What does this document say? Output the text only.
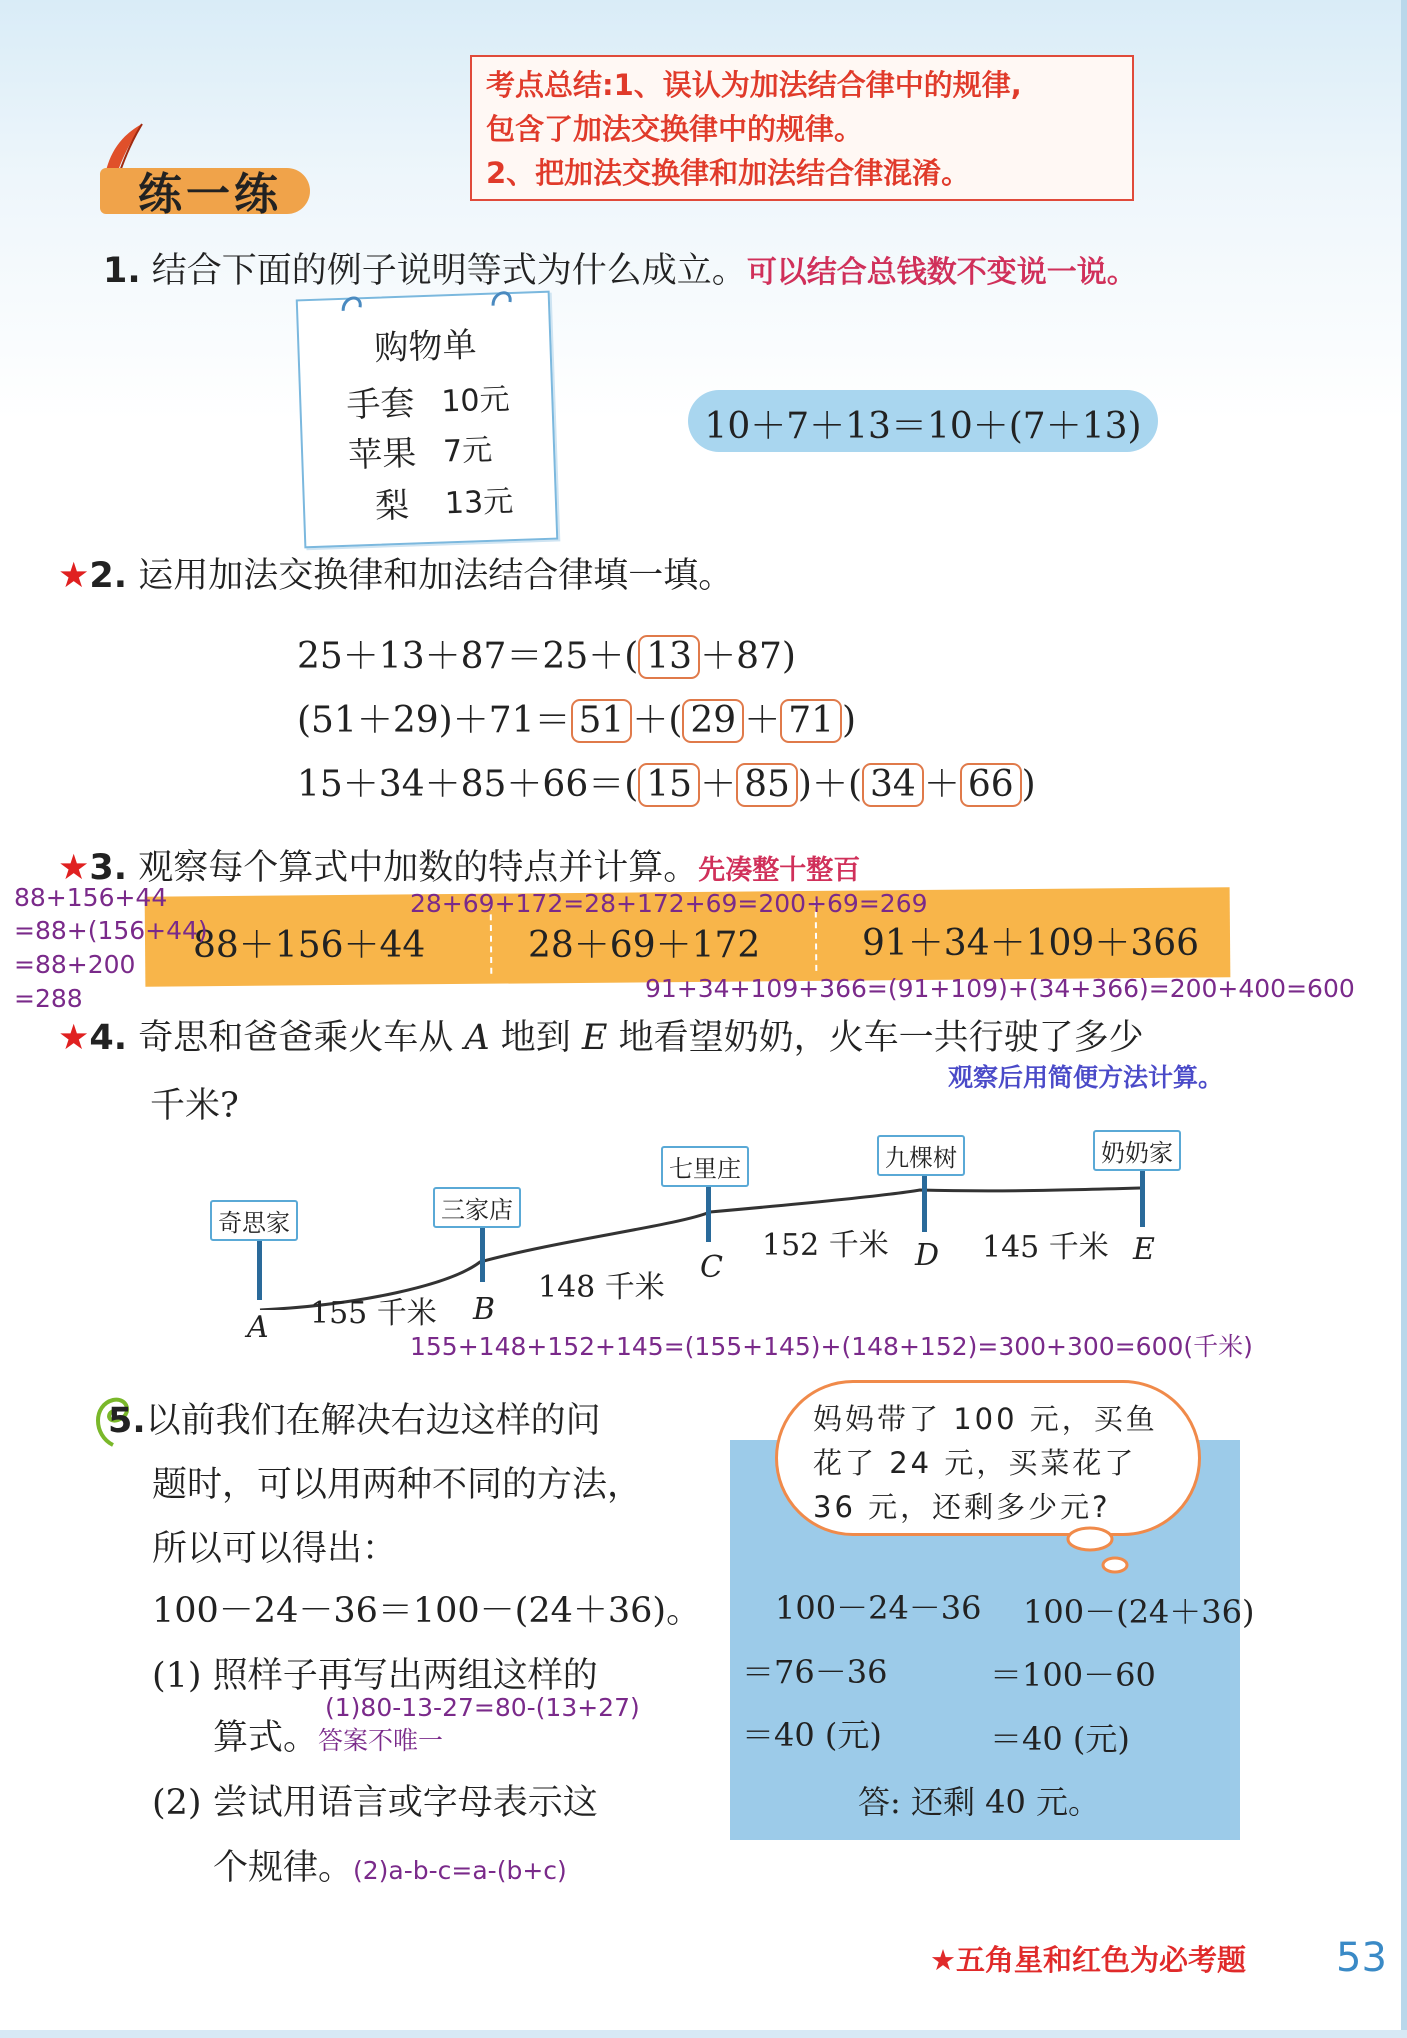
考点总结:1、误认为加法结合律中的规律,
包含了加法交换律中的规律。
2、把加法交换律和加法结合律混淆。
练一练
1. 结合下面的例子说明等式为什么成立。可以结合总钱数不变说一说。
购物单
手套 10元
苹果 7元
梨 13元
10＋7＋13＝10＋(7＋13)
★2. 运用加法交换律和加法结合律填一填。
25＋13＋87＝25＋( 13 ＋87)
(51＋29)＋71＝ 51 ＋( 29 ＋ 71 )
15＋34＋85＋66＝( 15 ＋ 85 )＋( 34 ＋ 66 )
★3. 观察每个算式中加数的特点并计算。先凑整十整百
88＋156＋44	28＋69＋172	91＋34＋109＋366
88+156+44
=88+(156+44)
=88+200
=288
28+69+172=28+172+69=200+69=269
91+34+109+366=(91+109)+(34+366)=200+400=600
★4. 奇思和爸爸乘火车从 A 地到 E 地看望奶奶，火车一共行驶了多少
千米?
观察后用简便方法计算。
奇思家	三家店
七里庄	九棵树	奶奶家
A
B
C	D	E
155 千米
148 千米
152 千米	145 千米
155+148+152+145=(155+145)+(148+152)=300+300=600(千米)
5.以前我们在解决右边这样的问
题时，可以用两种不同的方法，
所以可以得出：
100－24－36＝100－(24＋36)。
(1) 照样子再写出两组这样的
(1)80-13-27=80-(13+27)
算式。答案不唯一
(2) 尝试用语言或字母表示这
个规律。(2)a-b-c=a-(b+c)
妈妈带了 100 元，买鱼
花了 24 元，买菜花了
36 元，还剩多少元?
100－24－36
＝76－36
＝40 (元)
100－(24＋36)
＝100－60
＝40 (元)
答: 还剩 40 元。
★五角星和红色为必考题 53
